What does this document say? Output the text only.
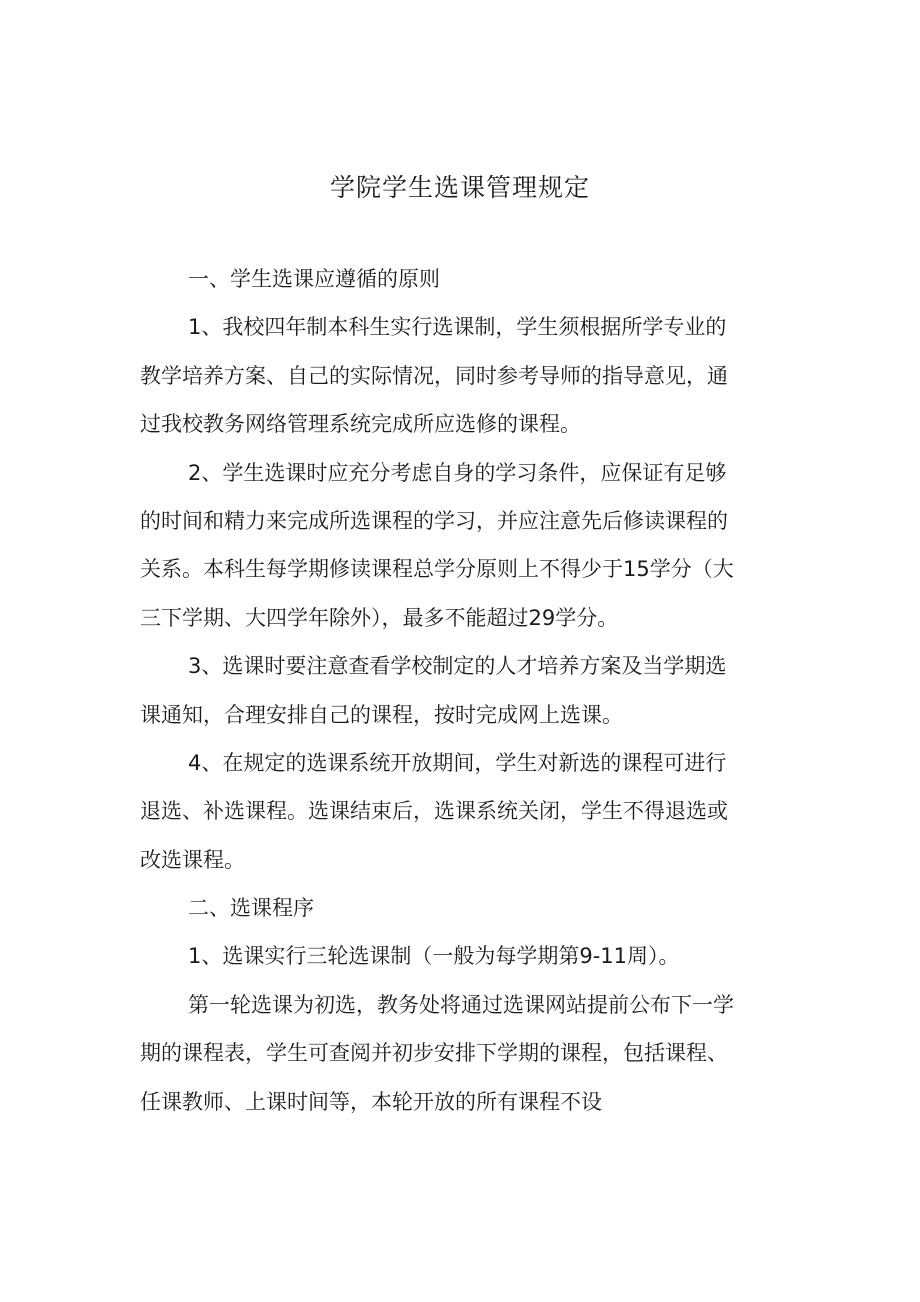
学院学生选课管理规定
一、学生选课应遵循的原则
1、我校四年制本科生实行选课制，学生须根据所学专业的
教学培养方案、自己的实际情况，同时参考导师的指导意见，通
过我校教务网络管理系统完成所应选修的课程。
2、学生选课时应充分考虑自身的学习条件，应保证有足够
的时间和精力来完成所选课程的学习，并应注意先后修读课程的
关系。本科生每学期修读课程总学分原则上不得少于15学分（大
三下学期、大四学年除外），最多不能超过29学分。
3、选课时要注意查看学校制定的人才培养方案及当学期选
课通知，合理安排自己的课程，按时完成网上选课。
4、在规定的选课系统开放期间，学生对新选的课程可进行
退选、补选课程。选课结束后，选课系统关闭，学生不得退选或
改选课程。
二、选课程序
1、选课实行三轮选课制（一般为每学期第9-11周）。
第一轮选课为初选，教务处将通过选课网站提前公布下一学
期的课程表，学生可查阅并初步安排下学期的课程，包括课程、
任课教师、上课时间等，本轮开放的所有课程不设
